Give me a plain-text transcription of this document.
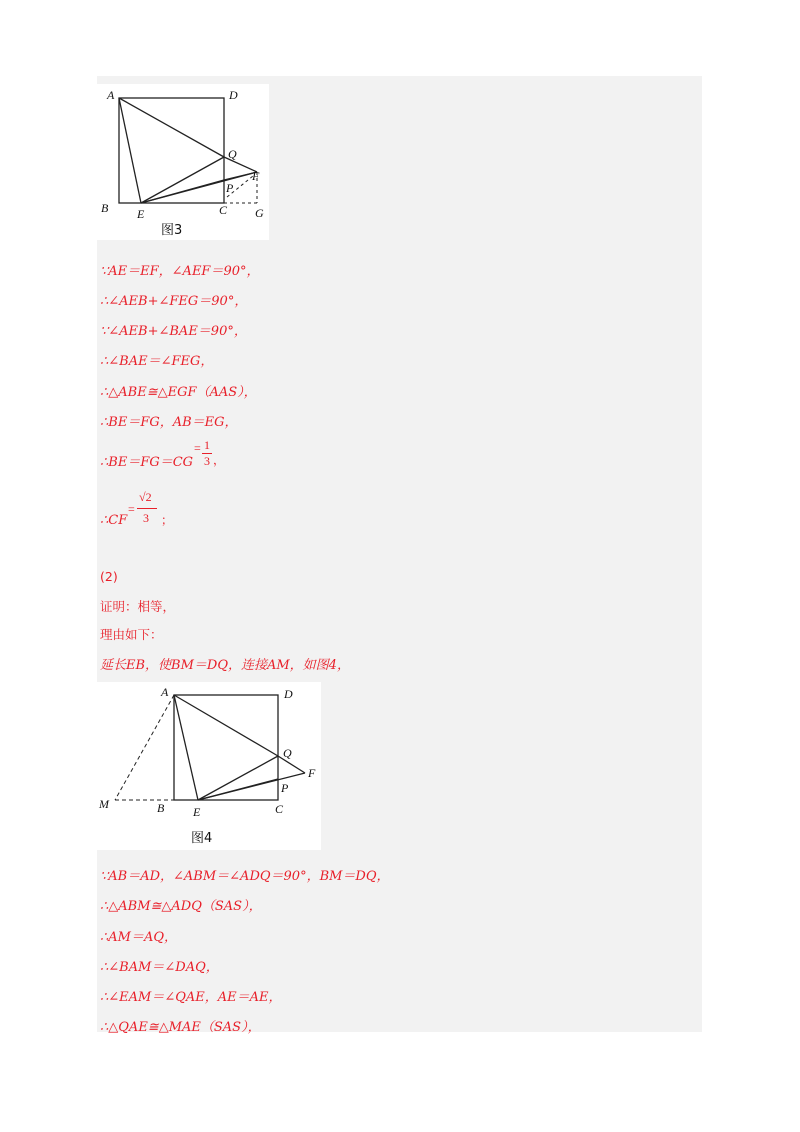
A	D
B E	C G
Q
P
F
图3
∵AE＝EF，∠AEF＝90°，
∴∠AEB+∠FEG＝90°，
∵∠AEB+∠BAE＝90°，
∴∠BAE＝∠FEG，
∴△ABE≅△EGF（AAS），
∴BE＝FG，AB＝EG，
∴BE＝FG＝CG
= 1
3 ，
∴CF
=
√2
3 ；
(2)
证明：相等，
理由如下：
延长EB，使BM＝DQ，连接AM，如图4，
A	D
M	B E	C
Q
P
F
图4
∵AB＝AD，∠ABM＝∠ADQ＝90°，BM＝DQ，
∴△ABM≅△ADQ（SAS），
∴AM＝AQ，
∴∠BAM＝∠DAQ，
∴∠EAM＝∠QAE，AE＝AE，
∴△QAE≅△MAE（SAS），
